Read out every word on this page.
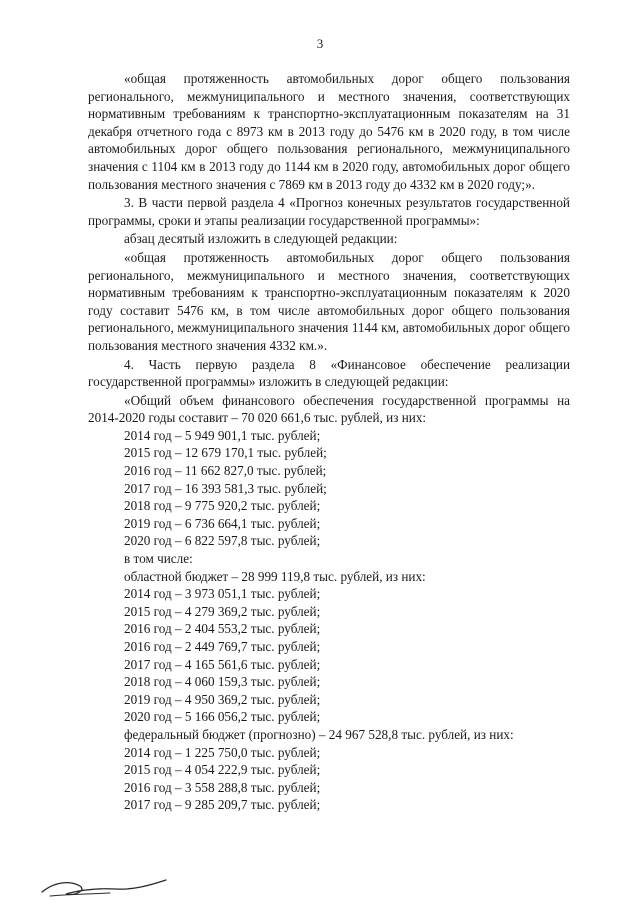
3

«общая протяженность автомобильных дорог общего пользования регионального, межмуниципального и местного значения, соответствующих нормативным требованиям к транспортно-эксплуатационным показателям на 31 декабря отчетного года с 8973 км в 2013 году до 5476 км в 2020 году, в том числе автомобильных дорог общего пользования регионального, межмуниципального значения с 1104 км в 2013 году до 1144 км в 2020 году, автомобильных дорог общего пользования местного значения с 7869 км в 2013 году до 4332 км в 2020 году;».

3. В части первой раздела 4 «Прогноз конечных результатов государственной программы, сроки и этапы реализации государственной программы»:

абзац десятый изложить в следующей редакции:

«общая протяженность автомобильных дорог общего пользования регионального, межмуниципального и местного значения, соответствующих нормативным требованиям к транспортно-эксплуатационным показателям к 2020 году составит 5476 км, в том числе автомобильных дорог общего пользования регионального, межмуниципального значения 1144 км, автомобильных дорог общего пользования местного значения 4332 км.».

4. Часть первую раздела 8 «Финансовое обеспечение реализации государственной программы» изложить в следующей редакции:

«Общий объем финансового обеспечения государственной программы на 2014-2020 годы составит – 70 020 661,6 тыс. рублей, из них:

2014 год – 5 949 901,1 тыс. рублей;
2015 год – 12 679 170,1 тыс. рублей;
2016 год – 11 662 827,0 тыс. рублей;
2017 год – 16 393 581,3 тыс. рублей;
2018 год – 9 775 920,2 тыс. рублей;
2019 год – 6 736 664,1 тыс. рублей;
2020 год – 6 822 597,8 тыс. рублей;
в том числе:
областной бюджет – 28 999 119,8 тыс. рублей, из них:
2014 год – 3 973 051,1 тыс. рублей;
2015 год – 4 279 369,2 тыс. рублей;
2016 год – 2 404 553,2 тыс. рублей;
2016 год – 2 449 769,7 тыс. рублей;
2017 год – 4 165 561,6 тыс. рублей;
2018 год – 4 060 159,3 тыс. рублей;
2019 год – 4 950 369,2 тыс. рублей;
2020 год – 5 166 056,2 тыс. рублей;
федеральный бюджет (прогнозно) – 24 967 528,8 тыс. рублей, из них:
2014 год – 1 225 750,0 тыс. рублей;
2015 год – 4 054 222,9 тыс. рублей;
2016 год – 3 558 288,8 тыс. рублей;
2017 год – 9 285 209,7 тыс. рублей;
